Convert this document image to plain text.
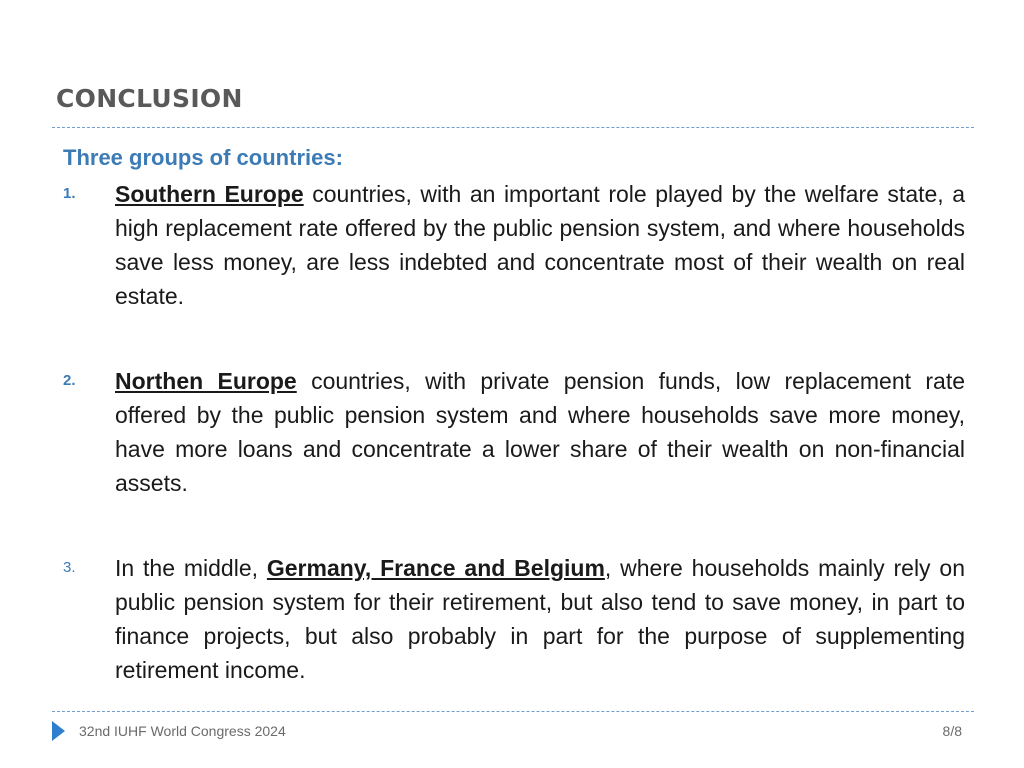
CONCLUSION
Three groups of countries:
1. Southern Europe countries, with an important role played by the welfare state, a high replacement rate offered by the public pension system, and where households save less money, are less indebted and concentrate most of their wealth on real estate.
2. Northen Europe countries, with private pension funds, low replacement rate offered by the public pension system and where households save more money, have more loans and concentrate a lower share of their wealth on non-financial assets.
3. In the middle, Germany, France and Belgium, where households mainly rely on public pension system for their retirement, but also tend to save money, in part to finance projects, but also probably in part for the purpose of supplementing retirement income.
32nd IUHF World Congress 2024	8/8
